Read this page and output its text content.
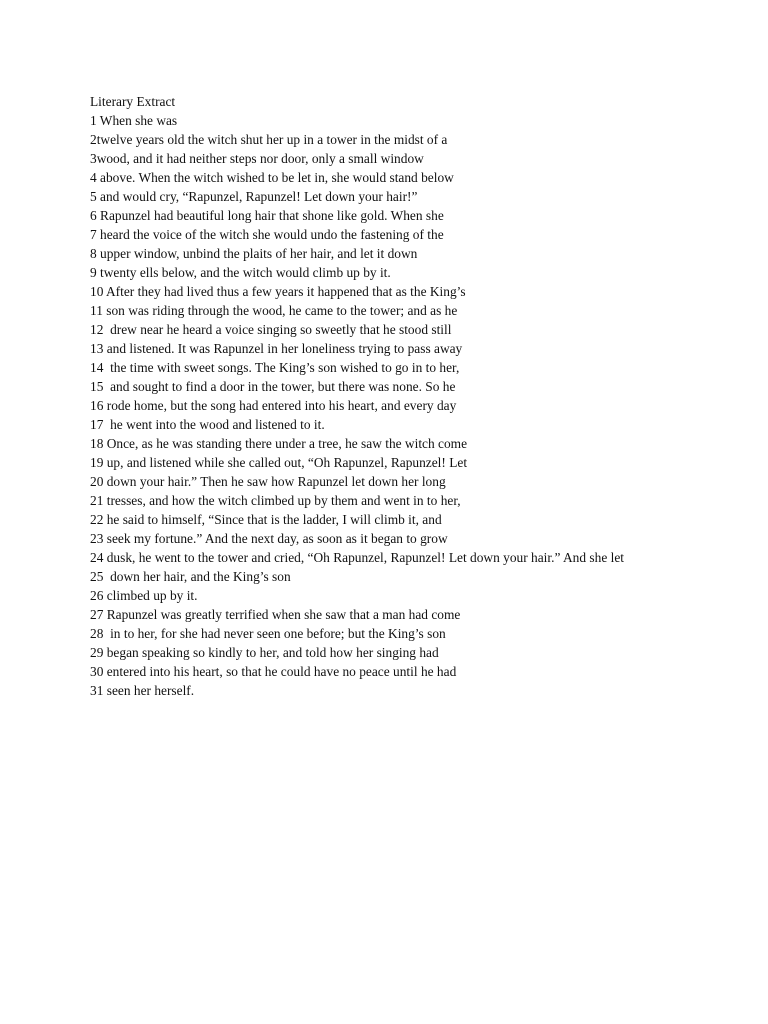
Literary Extract
1 When she was
2twelve years old the witch shut her up in a tower in the midst of a
3wood, and it had neither steps nor door, only a small window
4 above. When the witch wished to be let in, she would stand below
5 and would cry, “Rapunzel, Rapunzel! Let down your hair!”
6 Rapunzel had beautiful long hair that shone like gold. When she
7 heard the voice of the witch she would undo the fastening of the
8 upper window, unbind the plaits of her hair, and let it down
9 twenty ells below, and the witch would climb up by it.
10 After they had lived thus a few years it happened that as the King’s
11 son was riding through the wood, he came to the tower; and as he
12  drew near he heard a voice singing so sweetly that he stood still
13 and listened. It was Rapunzel in her loneliness trying to pass away
14  the time with sweet songs. The King’s son wished to go in to her,
15  and sought to find a door in the tower, but there was none. So he
16 rode home, but the song had entered into his heart, and every day
17  he went into the wood and listened to it.
18 Once, as he was standing there under a tree, he saw the witch come
19 up, and listened while she called out, “Oh Rapunzel, Rapunzel! Let
20 down your hair.” Then he saw how Rapunzel let down her long
21 tresses, and how the witch climbed up by them and went in to her,
22 he said to himself, “Since that is the ladder, I will climb it, and
23 seek my fortune.” And the next day, as soon as it began to grow
24 dusk, he went to the tower and cried, “Oh Rapunzel, Rapunzel! Let down your hair.” And she let
25  down her hair, and the King’s son
26 climbed up by it.
27 Rapunzel was greatly terrified when she saw that a man had come
28  in to her, for she had never seen one before; but the King’s son
29 began speaking so kindly to her, and told how her singing had
30 entered into his heart, so that he could have no peace until he had
31 seen her herself.
